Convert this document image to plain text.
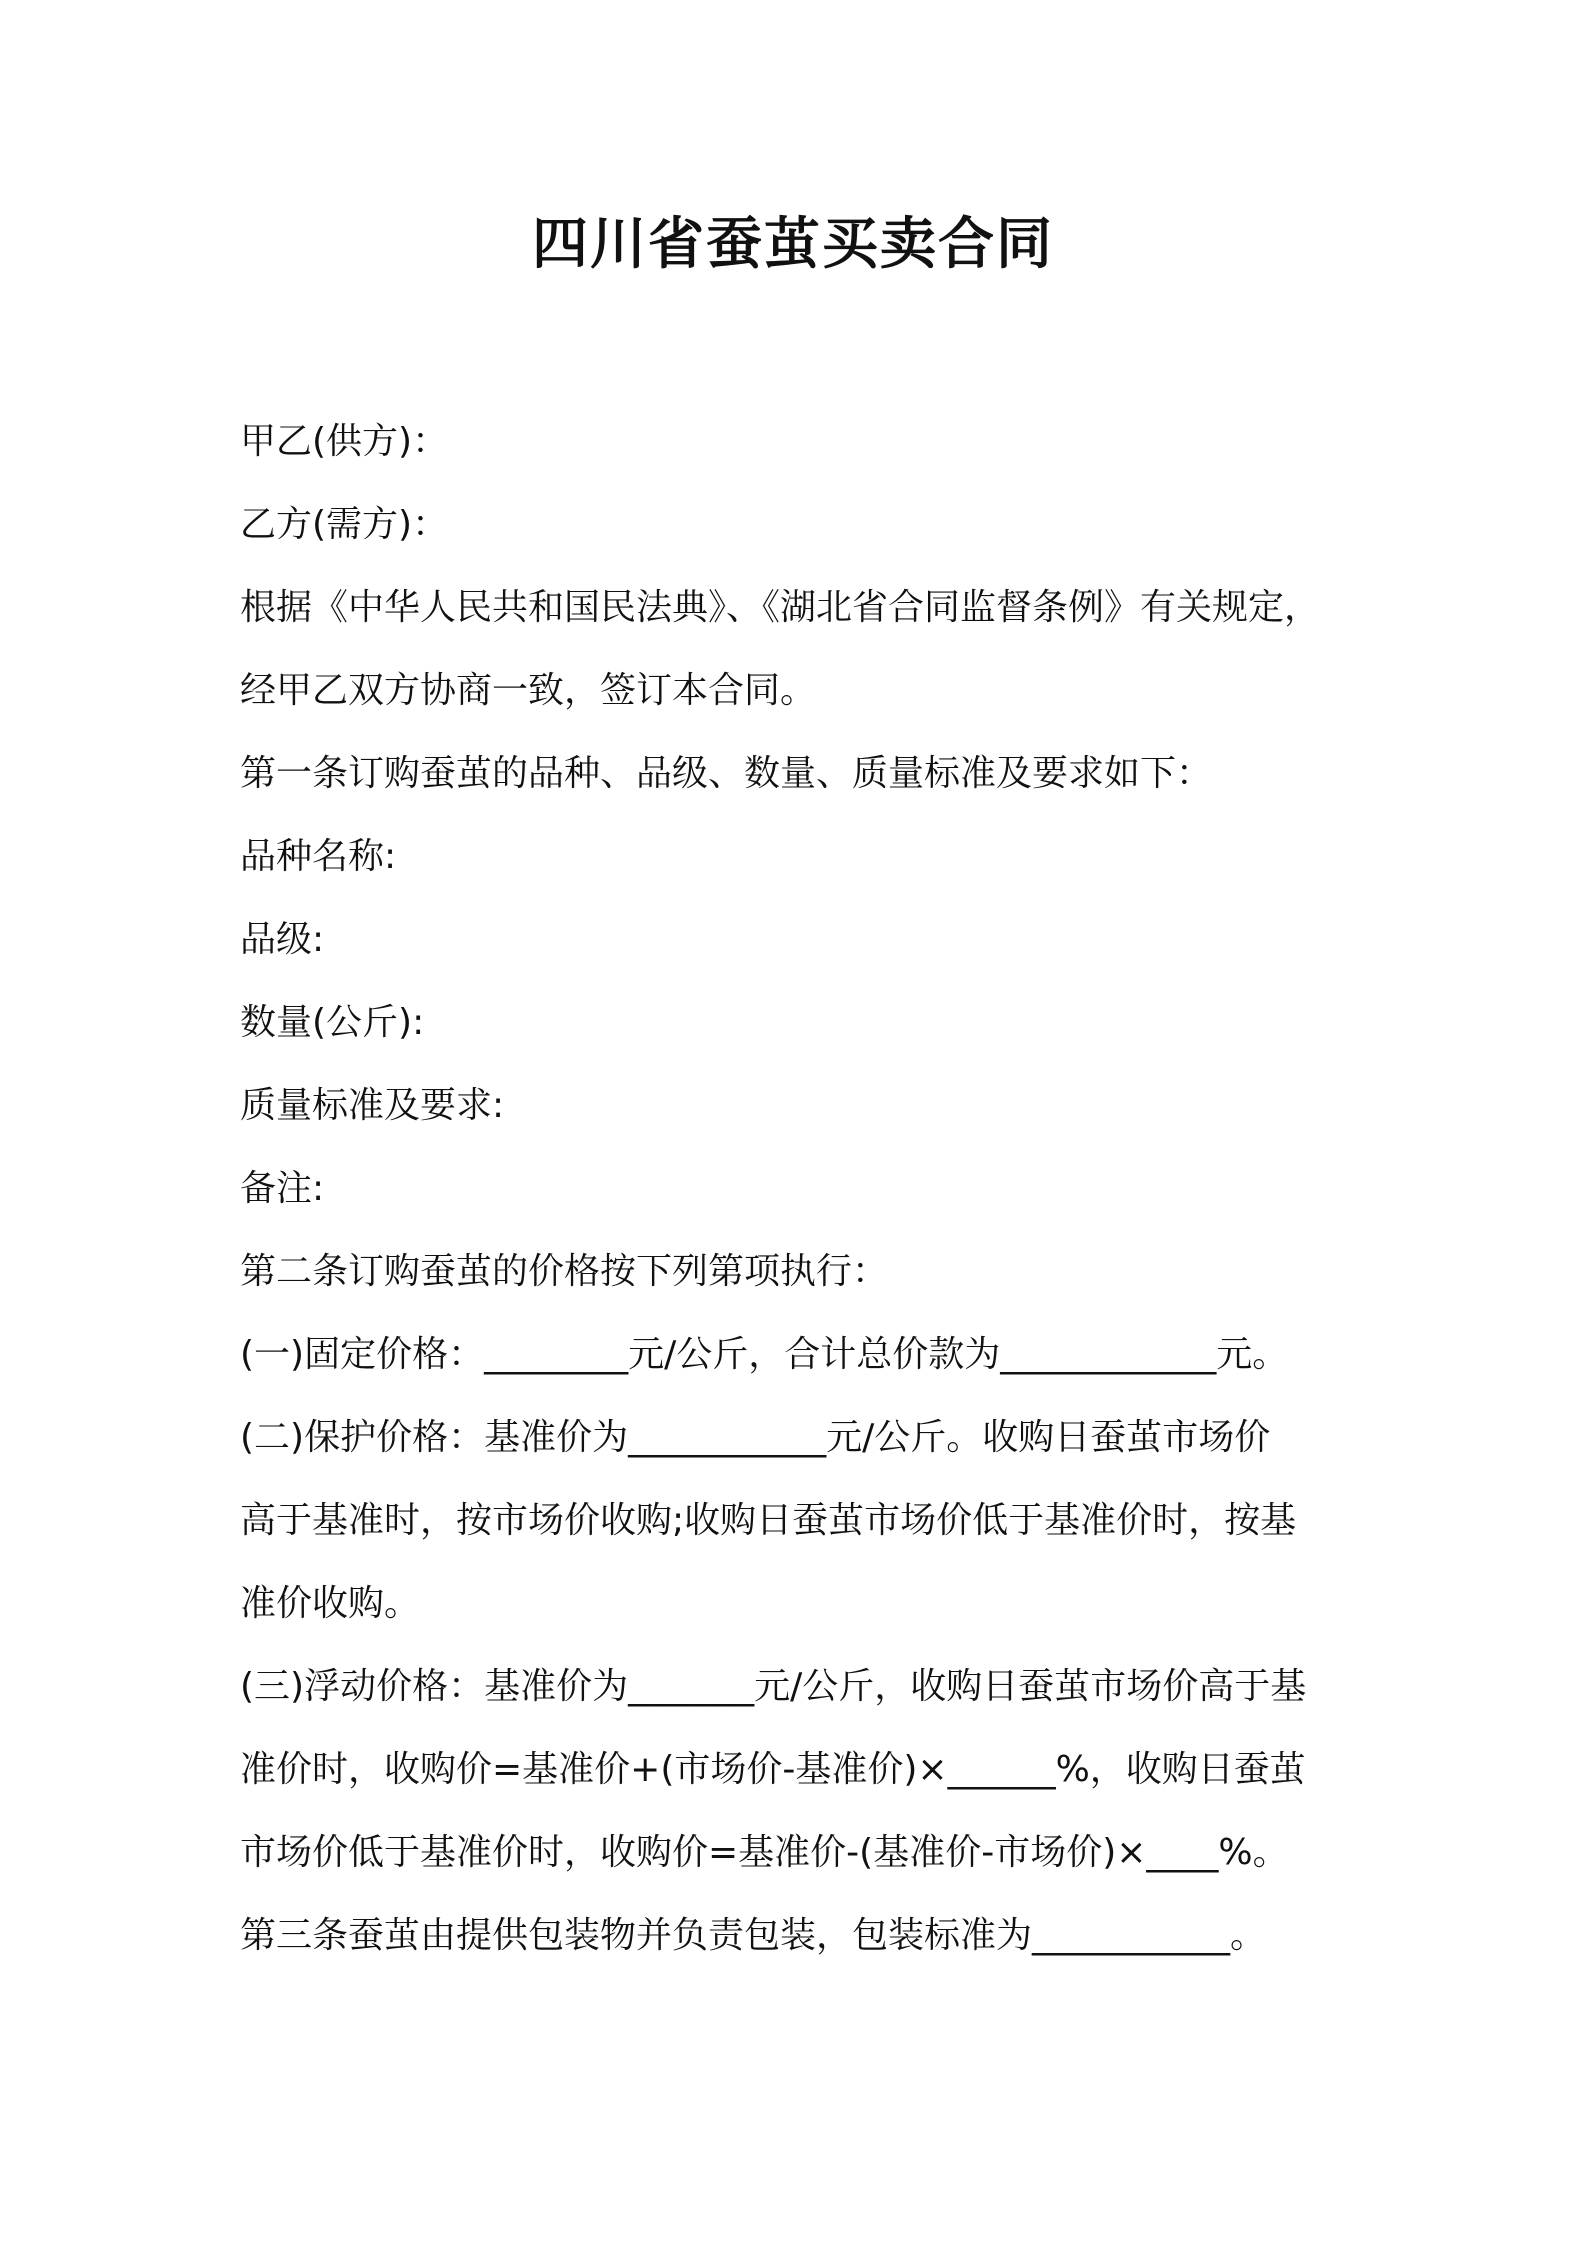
四川省蚕茧买卖合同
甲乙(供方)：
乙方(需方)：
根据《中华人民共和国民法典》、《湖北省合同监督条例》有关规定，
经甲乙双方协商一致，签订本合同。
第一条订购蚕茧的品种、品级、数量、质量标准及要求如下：
品种名称:
品级:
数量(公斤):
质量标准及要求:
备注:
第二条订购蚕茧的价格按下列第项执行：
(一)固定价格：________元/公斤，合计总价款为____________元。
(二)保护价格：基准价为___________元/公斤。收购日蚕茧市场价
高于基准时，按市场价收购;收购日蚕茧市场价低于基准价时，按基
准价收购。
(三)浮动价格：基准价为_______元/公斤，收购日蚕茧市场价高于基
准价时，收购价=基准价+(市场价-基准价)×______%，收购日蚕茧
市场价低于基准价时，收购价=基准价-(基准价-市场价)×____%。
第三条蚕茧由提供包装物并负责包装，包装标准为___________。
